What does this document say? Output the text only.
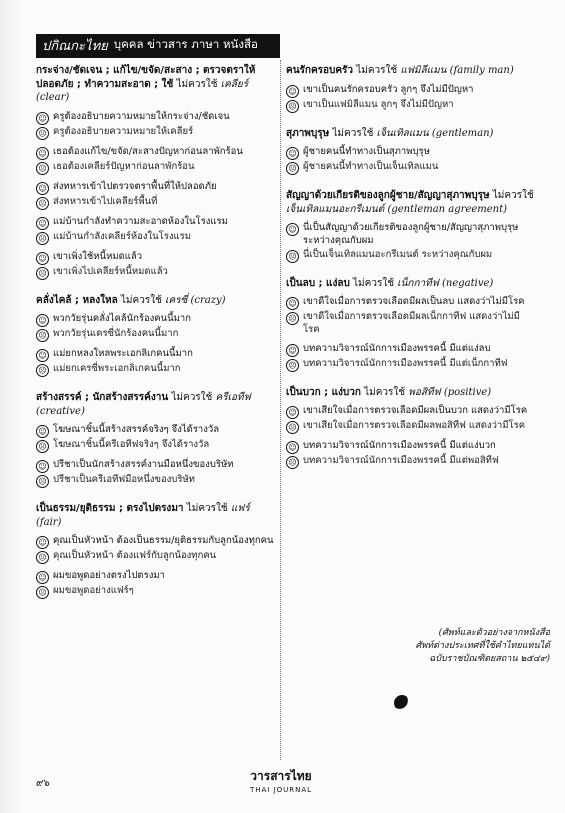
ปกิณกะไทย บุคคล ข่าวสาร ภาษา หนังสือ
กระจ่าง/ชัดเจน ; แก้ไข/ขจัด/สะสาง ; ตรวจตราให้ปลอดภัย ; ทำความสะอาด ; ใช้ ไม่ควรใช้ เคลียร์ (clear)
☺ ครูต้องอธิบายความหมายให้กระจ่าง/ชัดเจน
☹ ครูต้องอธิบายความหมายให้เคลียร์
☺ เธอต้องแก้ไข/ขจัด/สะสางปัญหาก่อนลาพักร้อน
☹ เธอต้องเคลียร์ปัญหาก่อนลาพักร้อน
☺ ส่งทหารเข้าไปตรวจตราพื้นที่ให้ปลอดภัย
☹ ส่งทหารเข้าไปเคลียร์พื้นที่
☺ แม่บ้านกำลังทำความสะอาดห้องในโรงแรม
☹ แม่บ้านกำลังเคลียร์ห้องในโรงแรม
☺ เขาเพิ่งใช้หนี้หมดแล้ว
☹ เขาเพิ่งไปเคลียร์หนี้หมดแล้ว
คลั่งไคล้ ; หลงใหล ไม่ควรใช้ เครซี่ (crazy)
☺ พวกวัยรุ่นคลั่งไคล้นักร้องคนนี้มาก
☹ พวกวัยรุ่นเครซี่นักร้องคนนี้มาก
☺ แม่ยกหลงใหลพระเอกลิเกคนนี้มาก
☹ แม่ยกเครซี่พระเอกลิเกคนนี้มาก
สร้างสรรค์ ; นักสร้างสรรค์งาน ไม่ควรใช้ ครีเอทีฟ (creative)
☺ โฆษณาชิ้นนี้สร้างสรรค์จริงๆ จึงได้รางวัล
☹ โฆษณาชิ้นนี้ครีเอทีฟจริงๆ จึงได้รางวัล
☺ ปรีชาเป็นนักสร้างสรรค์งานมือหนึ่งของบริษัท
☹ ปรีชาเป็นครีเอทีฟมือหนึ่งของบริษัท
เป็นธรรม/ยุติธรรม ; ตรงไปตรงมา ไม่ควรใช้ แฟร์ (fair)
☺ คุณเป็นหัวหน้า ต้องเป็นธรรม/ยุติธรรมกับลูกน้องทุกคน
☹ คุณเป็นหัวหน้า ต้องแฟร์กับลูกน้องทุกคน
☺ ผมขอพูดอย่างตรงไปตรงมา
☹ ผมขอพูดอย่างแฟร์ๆ
คนรักครอบครัว ไม่ควรใช้ แฟมิลีแมน (family man)
☺ เขาเป็นคนรักครอบครัว ลูกๆ จึงไม่มีปัญหา
☹ เขาเป็นแฟมิลีแมน ลูกๆ จึงไม่มีปัญหา
สุภาพบุรุษ ไม่ควรใช้ เจ็นเทิลแมน (gentleman)
☺ ผู้ชายคนนี้ทำทางเป็นสุภาพบุรุษ
☹ ผู้ชายคนนี้ทำทางเป็นเจ็นเทิลแมน
สัญญาด้วยเกียรติของลูกผู้ชาย/สัญญาสุภาพบุรุษ ไม่ควรใช้ เจ็นเทิลแมนอะกรีเมนต์ (gentleman agreement)
☺ นี่เป็นสัญญาด้วยเกียรติของลูกผู้ชาย/สัญญาสุภาพบุรุษ ระหว่างคุณกับผม
☹ นี่เป็นเจ็นเทิลแมนอะกรีเมนต์ ระหว่างคุณกับผม
เป็นลบ ; แง่ลบ ไม่ควรใช้ เน็กกาทีฟ (negative)
☺ เขาดีใจเมื่อการตรวจเลือดมีผลเป็นลบ แสดงว่าไม่มีโรค
☹ เขาดีใจเมื่อการตรวจเลือดมีผลเน็กกาทีฟ แสดงว่าไม่มีโรค
☺ บทความวิจารณ์นักการเมืองพรรคนี้ มีแต่แง่ลบ
☹ บทความวิจารณ์นักการเมืองพรรคนี้ มีแต่เน็กกาทีฟ
เป็นบวก ; แง่บวก ไม่ควรใช้ พอสิทีฟ (positive)
☺ เขาเสียใจเมื่อการตรวจเลือดมีผลเป็นบวก แสดงว่ามีโรค
☹ เขาเสียใจเมื่อการตรวจเลือดมีผลพอสิทีฟ แสดงว่ามีโรค
☺ บทความวิจารณ์นักการเมืองพรรคนี้ มีแต่แง่บวก
☹ บทความวิจารณ์นักการเมืองพรรคนี้ มีแต่พอสิทีฟ
(ศัพท์และตัวอย่างจากหนังสือ
ศัพท์ต่างประเทศที่ใช้คำไทยแทนได้
ฉบับราชบัณฑิตยสถาน ๒๕๔๙)
๙๖
วารสารไทย
THAI JOURNAL
